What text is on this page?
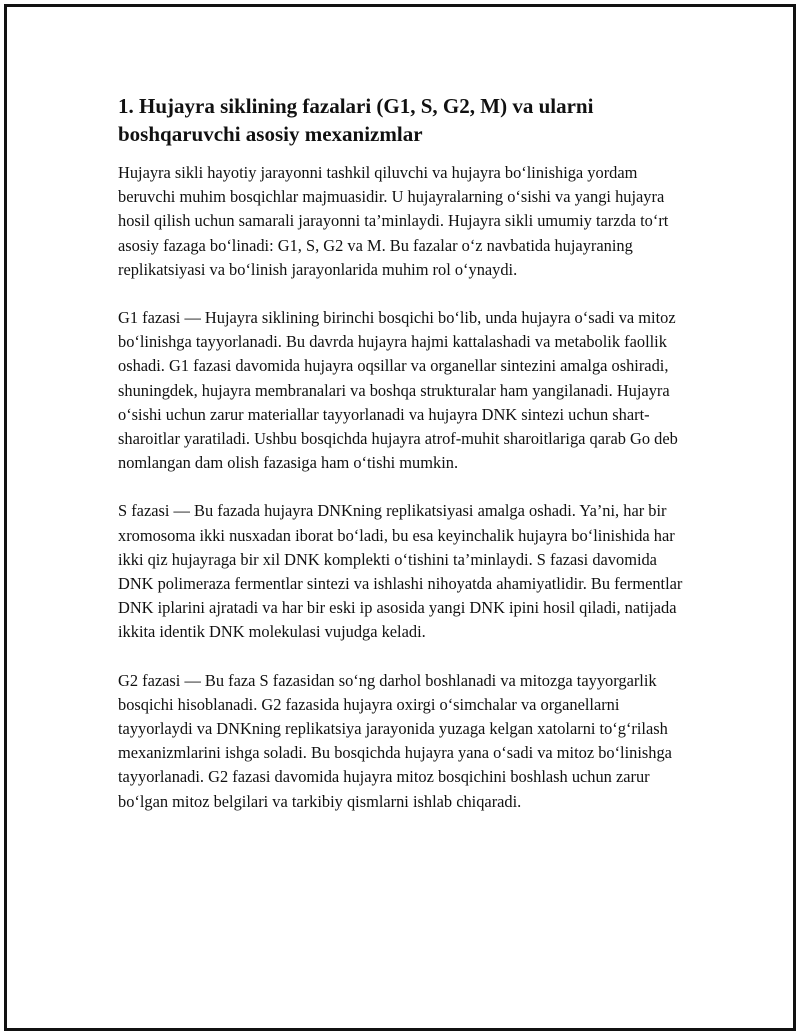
1. Hujayra siklining fazalari (G1, S, G2, M) va ularni boshqaruvchi asosiy mexanizmlar

Hujayra sikli hayotiy jarayonni tashkil qiluvchi va hujayra boʻlinishiga yordam beruvchi muhim bosqichlar majmuasidir. U hujayralarning oʻsishi va yangi hujayra hosil qilish uchun samarali jarayonni ta’minlaydi. Hujayra sikli umumiy tarzda toʻrt asosiy fazaga boʻlinadi: G1, S, G2 va M. Bu fazalar oʻz navbatida hujayraning replikatsiyasi va boʻlinish jarayonlarida muhim rol oʻynaydi.

G1 fazasi — Hujayra siklining birinchi bosqichi boʻlib, unda hujayra oʻsadi va mitoz boʻlinishga tayyorlanadi. Bu davrda hujayra hajmi kattalashadi va metabolik faollik oshadi. G1 fazasi davomida hujayra oqsillar va organellar sintezini amalga oshiradi, shuningdek, hujayra membranalari va boshqa strukturalar ham yangilanadi. Hujayra oʻsishi uchun zarur materiallar tayyorlanadi va hujayra DNK sintezi uchun shart-sharoitlar yaratiladi. Ushbu bosqichda hujayra atrof-muhit sharoitlariga qarab Go deb nomlangan dam olish fazasiga ham oʻtishi mumkin.

S fazasi — Bu fazada hujayra DNKning replikatsiyasi amalga oshadi. Ya’ni, har bir xromosoma ikki nusxadan iborat boʻladi, bu esa keyinchalik hujayra boʻlinishida har ikki qiz hujayraga bir xil DNK komplekti oʻtishini ta’minlaydi. S fazasi davomida DNK polimeraza fermentlar sintezi va ishlashi nihoyatda ahamiyatlidir. Bu fermentlar DNK iplarini ajratadi va har bir eski ip asosida yangi DNK ipini hosil qiladi, natijada ikkita identik DNK molekulasi vujudga keladi.

G2 fazasi — Bu faza S fazasidan soʻng darhol boshlanadi va mitozga tayyorgarlik bosqichi hisoblanadi. G2 fazasida hujayra oxirgi oʻsimchalar va organellarni tayyorlaydi va DNKning replikatsiya jarayonida yuzaga kelgan xatolarni toʻgʻrilash mexanizmlarini ishga soladi. Bu bosqichda hujayra yana oʻsadi va mitoz boʻlinishga tayyorlanadi. G2 fazasi davomida hujayra mitoz bosqichini boshlash uchun zarur boʻlgan mitoz belgilari va tarkibiy qismlarni ishlab chiqaradi.
